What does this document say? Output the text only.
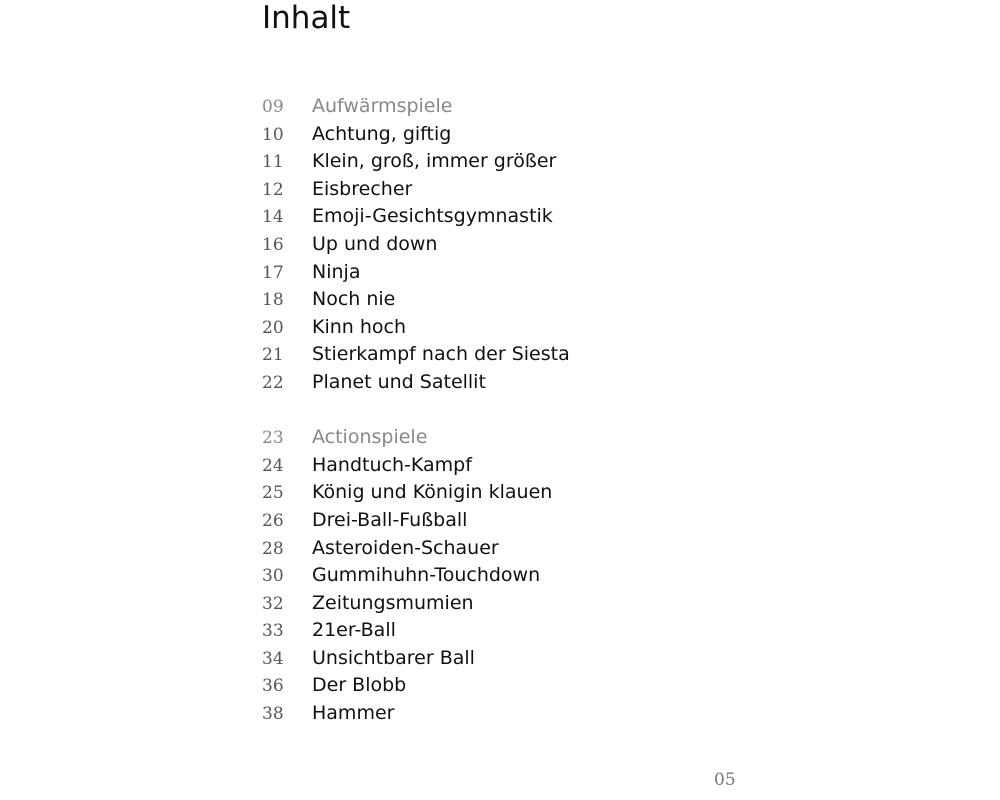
Inhalt
09	Aufwärmspiele
10	Achtung, giftig
11	Klein, groß, immer größer
12	Eisbrecher
14	Emoji-Gesichtsgymnastik
16	Up und down
17	Ninja
18	Noch nie
20	Kinn hoch
21	Stierkampf nach der Siesta
22	Planet und Satellit
23	Actionspiele
24	Handtuch-Kampf
25	König und Königin klauen
26	Drei-Ball-Fußball
28	Asteroiden-Schauer
30	Gummihuhn-Touchdown
32	Zeitungsmumien
33	21er-Ball
34	Unsichtbarer Ball
36	Der Blobb
38	Hammer
05
